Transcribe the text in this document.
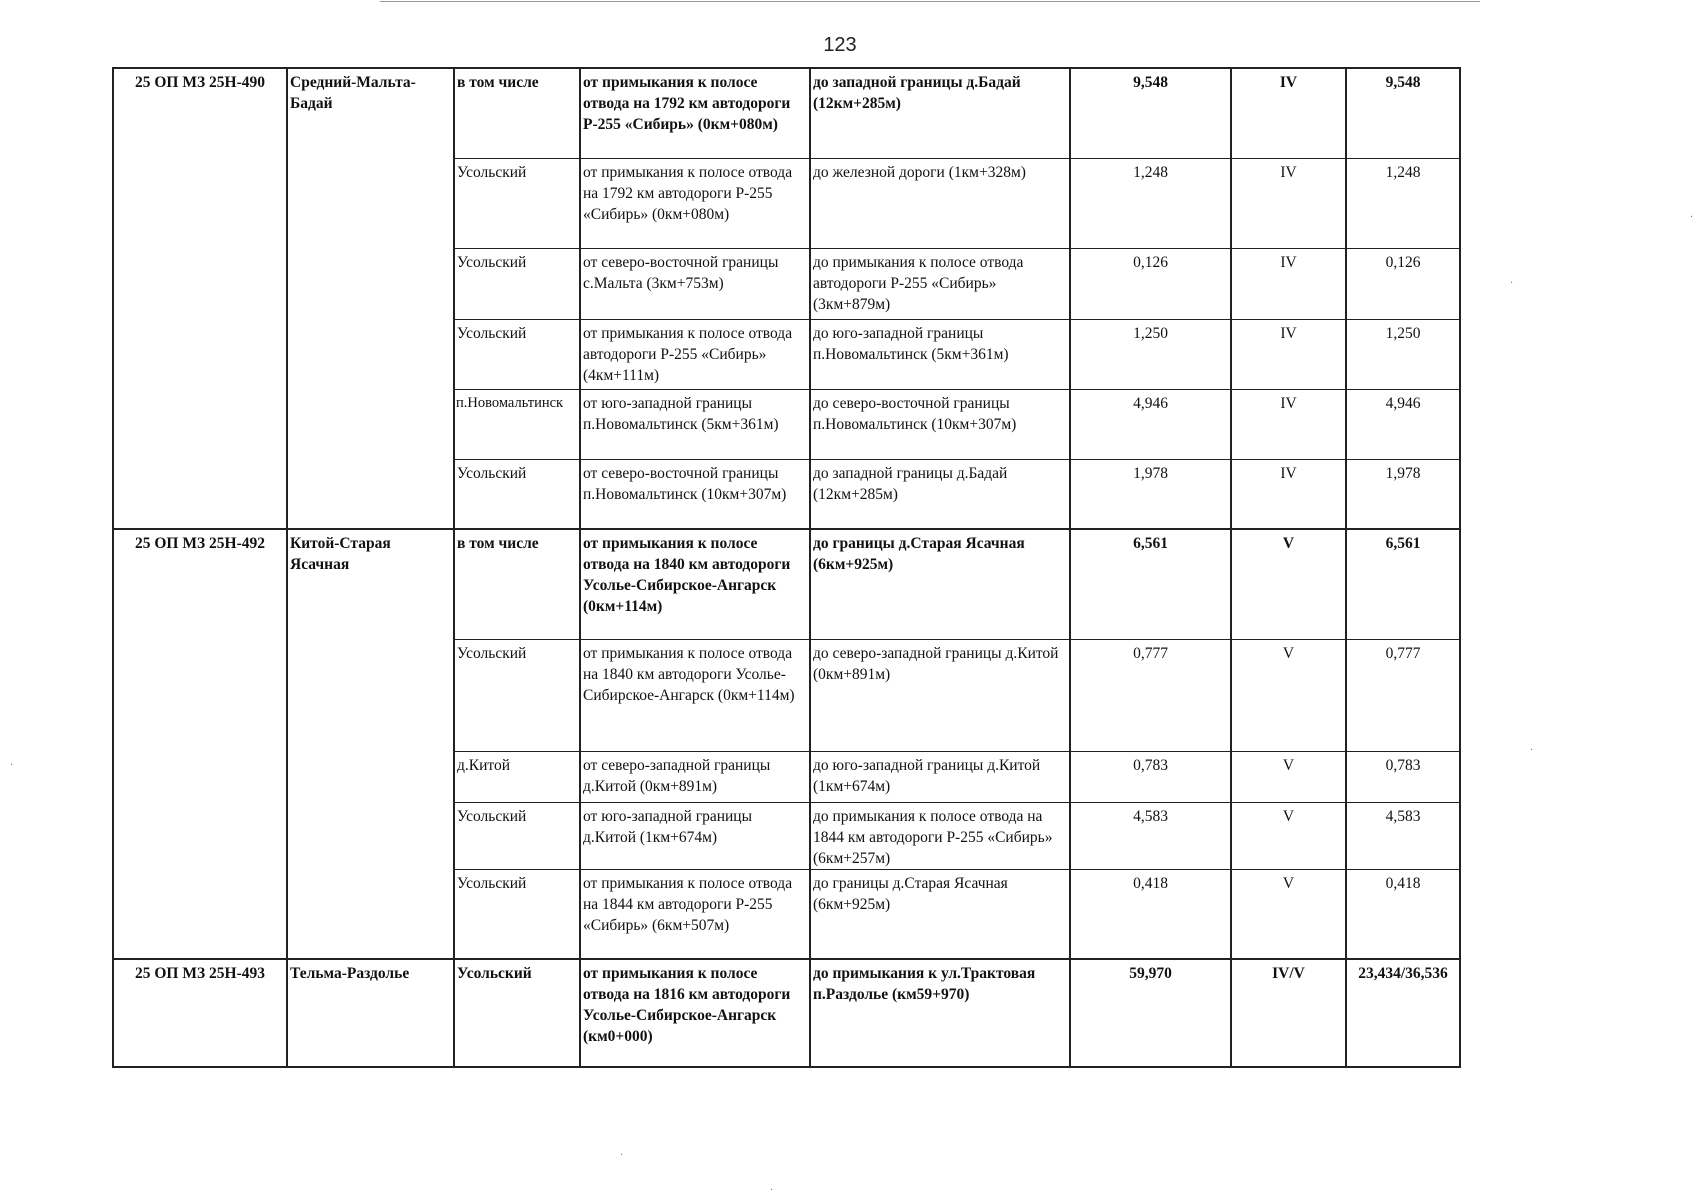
123
25 ОП МЗ 25Н-490	Средний-Мальта-Бадай	в том числе	от примыкания к полосе отвода на 1792 км автодороги Р-255 «Сибирь» (0км+080м)	до западной границы д.Бадай (12км+285м)	9,548	IV	9,548
		Усольский	от примыкания к полосе отвода на 1792 км автодороги Р-255 «Сибирь» (0км+080м)	до железной дороги (1км+328м)	1,248	IV	1,248
		Усольский	от северо-восточной границы с.Мальта (3км+753м)	до примыкания к полосе отвода автодороги Р-255 «Сибирь» (3км+879м)	0,126	IV	0,126
		Усольский	от примыкания к полосе отвода автодороги Р-255 «Сибирь» (4км+111м)	до юго-западной границы п.Новомальтинск (5км+361м)	1,250	IV	1,250
		п.Новомальтинск	от юго-западной границы п.Новомальтинск (5км+361м)	до северо-восточной границы п.Новомальтинск (10км+307м)	4,946	IV	4,946
		Усольский	от северо-восточной границы п.Новомальтинск (10км+307м)	до западной границы д.Бадай (12км+285м)	1,978	IV	1,978
25 ОП МЗ 25Н-492	Китой-Старая Ясачная	в том числе	от примыкания к полосе отвода на 1840 км автодороги Усолье-Сибирское-Ангарск (0км+114м)	до границы д.Старая Ясачная (6км+925м)	6,561	V	6,561
		Усольский	от примыкания к полосе отвода на 1840 км автодороги Усолье-Сибирское-Ангарск (0км+114м)	до северо-западной границы д.Китой (0км+891м)	0,777	V	0,777
		д.Китой	от северо-западной границы д.Китой (0км+891м)	до юго-западной границы д.Китой (1км+674м)	0,783	V	0,783
		Усольский	от юго-западной границы д.Китой (1км+674м)	до примыкания к полосе отвода на 1844 км автодороги Р-255 «Сибирь» (6км+257м)	4,583	V	4,583
		Усольский	от примыкания к полосе отвода на 1844 км автодороги Р-255 «Сибирь» (6км+507м)	до границы д.Старая Ясачная (6км+925м)	0,418	V	0,418
25 ОП МЗ 25Н-493	Тельма-Раздолье	Усольский	от примыкания к полосе отвода на 1816 км автодороги Усолье-Сибирское-Ангарск (км0+000)	до примыкания к ул.Трактовая п.Раздолье (км59+970)	59,970	IV/V	23,434/36,536
·
·
·
·
·
·
